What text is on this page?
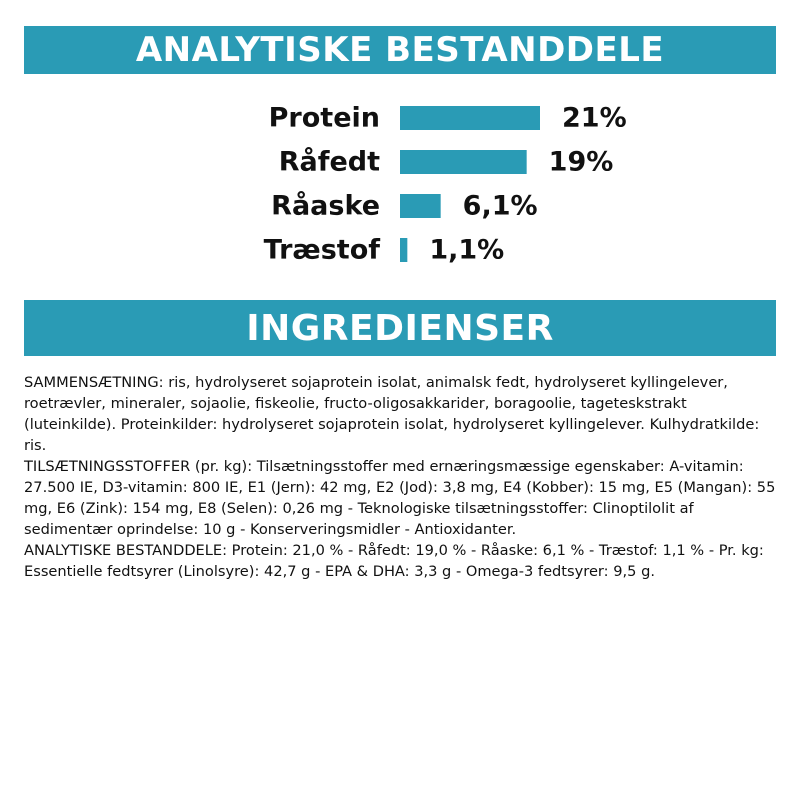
ANALYTISKE BESTANDDELE
Protein	21%
Råfedt	19%
Råaske	6,1%
Træstof 1,1%
INGREDIENSER

SAMMENSÆTNING: ris, hydrolyseret sojaprotein isolat, animalsk fedt, hydrolyseret kyllingelever, roetrævler, mineraler, sojaolie, fiskeolie, fructo-oligosakkarider, boragoolie, tageteskstrakt (luteinkilde). Proteinkilder: hydrolyseret sojaprotein isolat, hydrolyseret kyllingelever. Kulhydratkilde: ris.
TILSÆTNINGSSTOFFER (pr. kg): Tilsætningsstoffer med ernæringsmæssige egenskaber: A-vitamin: 27.500 IE, D3-vitamin: 800 IE, E1 (Jern): 42 mg, E2 (Jod): 3,8 mg, E4 (Kobber): 15 mg, E5 (Mangan): 55 mg, E6 (Zink): 154 mg, E8 (Selen): 0,26 mg - Teknologiske tilsætningsstoffer: Clinoptilolit af sedimentær oprindelse: 10 g - Konserveringsmidler - Antioxidanter.
ANALYTISKE BESTANDDELE: Protein: 21,0 % - Råfedt: 19,0 % - Råaske: 6,1 % - Træstof: 1,1 % - Pr. kg: Essentielle fedtsyrer (Linolsyre): 42,7 g - EPA & DHA: 3,3 g - Omega-3 fedtsyrer: 9,5 g.
